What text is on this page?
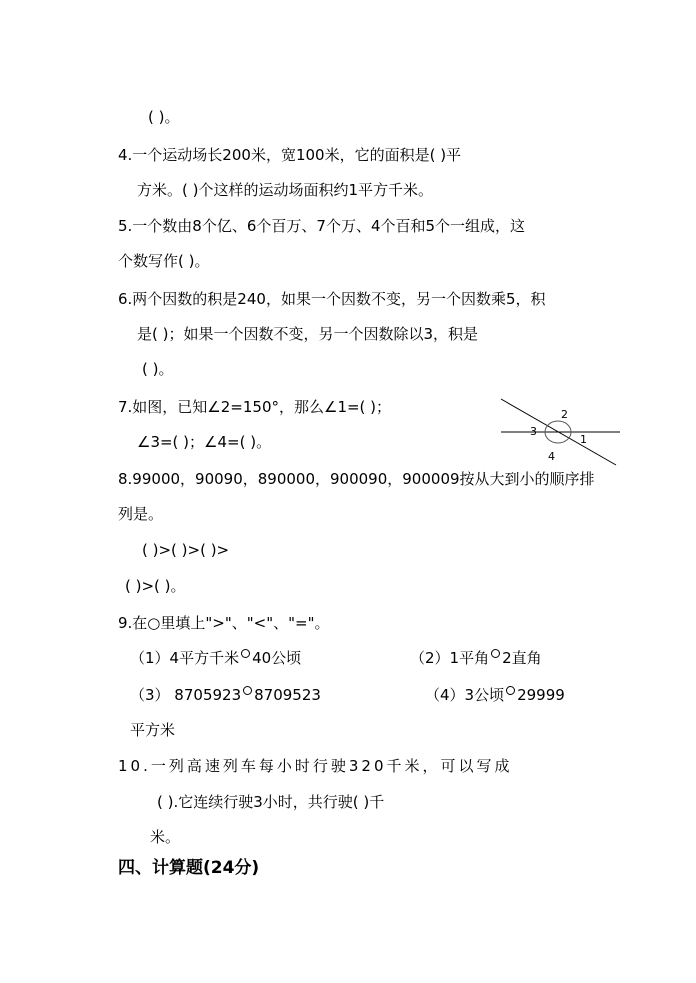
( )。
4.一个运动场长200米，宽100米，它的面积是( )平
方米。( )个这样的运动场面积约1平方千米。
5.一个数由8个亿、6个百万、7个万、4个百和5个一组成，这
个数写作( )。
6.两个因数的积是240，如果一个因数不变，另一个因数乘5，积
是( )；如果一个因数不变，另一个因数除以3，积是
( )。
7.如图，已知∠2=150°，那么∠1=( )；
∠3=( )；∠4=( )。
3
2
1
4
8.99000，90090，890000，900090，900009按从大到小的顺序排
列是。
( )>( )>( )>
( )>( )。
9.在○里填上">"、"<"、"="。
（1）4平方千米 40公顷	（2）1平角 2直角
（3） 8705923 8709523	（4）3公顷 29999
平方米
10.一列高速列车每小时行驶320千米，可以写成
( ).它连续行驶3小时，共行驶( )千
米。
四、计算题(24分)
